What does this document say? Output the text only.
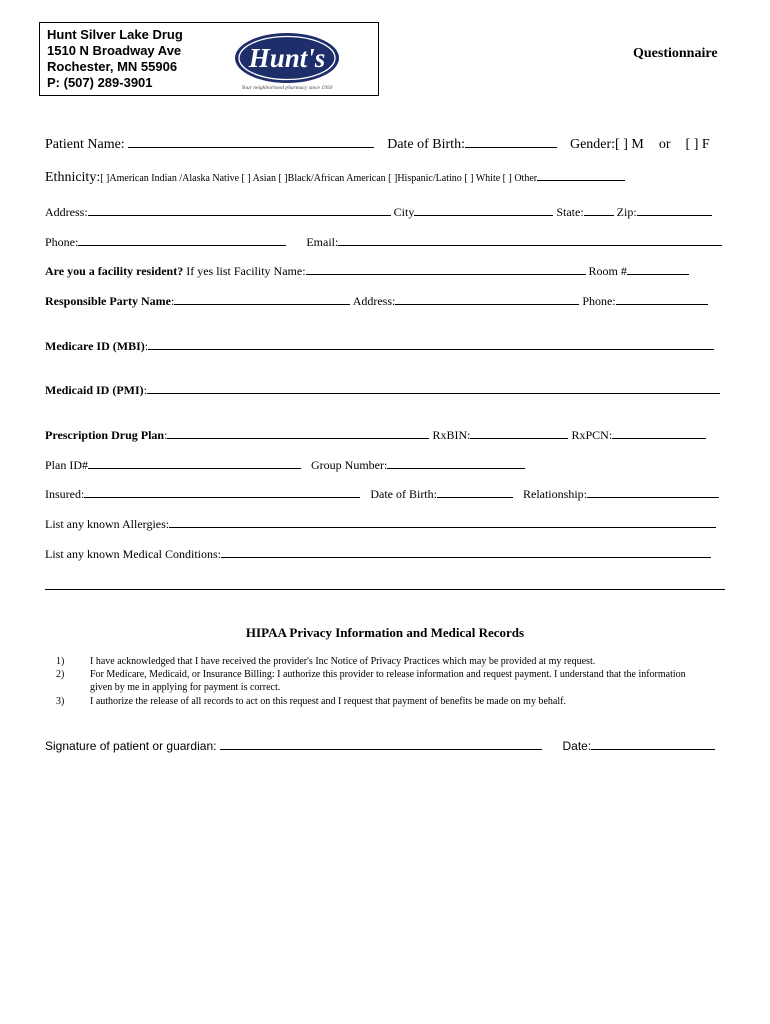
Hunt Silver Lake Drug
1510 N Broadway Ave
Rochester, MN 55906
P: (507) 289-3901
Hunt's
Your neighborhood pharmacy since 1950
Questionnaire
Patient Name:	Date of Birth:	Gender:[ ] M or [ ] F
Ethnicity:[ ]American Indian /Alaska Native [ ] Asian [ ]Black/African American [ ]Hispanic/Latino [ ] White [ ] Other
Address:	City	State:	Zip:
Phone:	Email:
Are you a facility resident? If yes list Facility Name:	Room #
Responsible Party Name:	Address:	Phone:
Medicare ID (MBI):
Medicaid ID (PMI):
Prescription Drug Plan:	RxBIN:	RxPCN:
Plan ID#	Group Number:
Insured:	Date of Birth:	Relationship:
List any known Allergies:
List any known Medical Conditions:
HIPAA Privacy Information and Medical Records
1)	I have acknowledged that I have received the provider's Inc Notice of Privacy Practices which may be provided at my request.
2)	For Medicare, Medicaid, or Insurance Billing: I authorize this provider to release information and request payment. I understand that the information given by me in applying for payment is correct.
3)	I authorize the release of all records to act on this request and I request that payment of benefits be made on my behalf.
Signature of patient or guardian:	Date:
